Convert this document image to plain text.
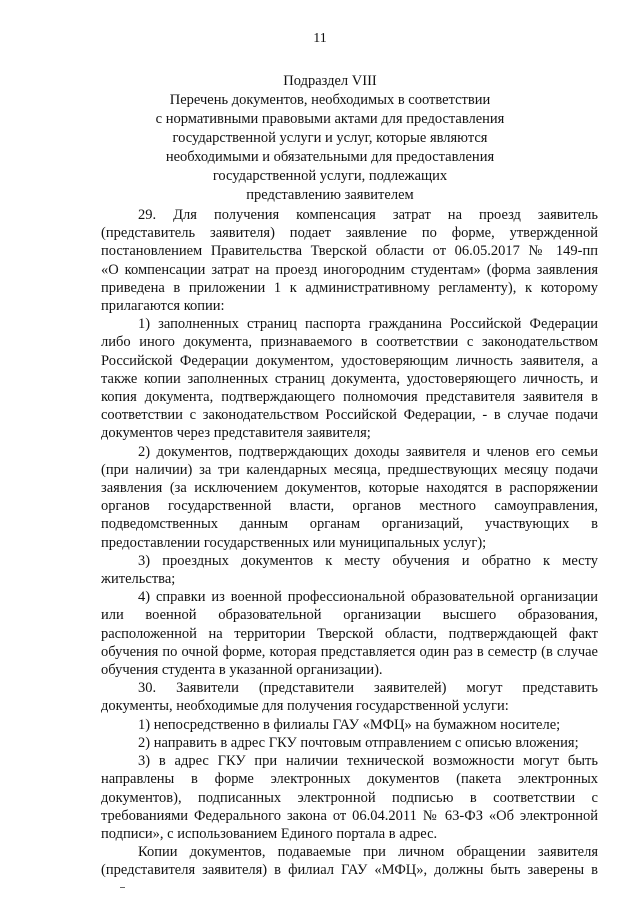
11
Подраздел VIII
Перечень документов, необходимых в соответствии
с нормативными правовыми актами для предоставления
государственной услуги и услуг, которые являются
необходимыми и обязательными для предоставления
государственной услуги, подлежащих
представлению заявителем
29. Для получения компенсация затрат на проезд заявитель
(представитель заявителя) подает заявление по форме, утвержденной
постановлением Правительства Тверской области от 06.05.2017 № 149-пп
«О компенсации затрат на проезд иногородним студентам» (форма заявления
приведена в приложении 1 к административному регламенту), к которому
прилагаются копии:
1) заполненных страниц паспорта гражданина Российской Федерации
либо иного документа, признаваемого в соответствии с законодательством
Российской Федерации документом, удостоверяющим личность заявителя, а
также копии заполненных страниц документа, удостоверяющего личность, и
копия документа, подтверждающего полномочия представителя заявителя в
соответствии с законодательством Российской Федерации, - в случае подачи
документов через представителя заявителя;
2) документов, подтверждающих доходы заявителя и членов его семьи
(при наличии) за три календарных месяца, предшествующих месяцу подачи
заявления (за исключением документов, которые находятся в распоряжении
органов государственной власти, органов местного самоуправления,
подведомственных данным органам организаций, участвующих в
предоставлении государственных или муниципальных услуг);
3) проездных документов к месту обучения и обратно к месту
жительства;
4) справки из военной профессиональной образовательной организации
или военной образовательной организации высшего образования,
расположенной на территории Тверской области, подтверждающей факт
обучения по очной форме, которая представляется один раз в семестр (в случае
обучения студента в указанной организации).
30. Заявители (представители заявителей) могут представить
документы, необходимые для получения государственной услуги:
1) непосредственно в филиалы ГАУ «МФЦ» на бумажном носителе;
2) направить в адрес ГКУ почтовым отправлением с описью вложения;
3) в адрес ГКУ при наличии технической возможности могут быть
направлены в форме электронных документов (пакета электронных
документов), подписанных электронной подписью в соответствии с
требованиями Федерального закона от 06.04.2011 № 63-ФЗ «Об электронной
подписи», с использованием Единого портала в адрес.
Копии документов, подаваемые при личном обращении заявителя
(представителя заявителя) в филиал ГАУ «МФЦ», должны быть заверены в
